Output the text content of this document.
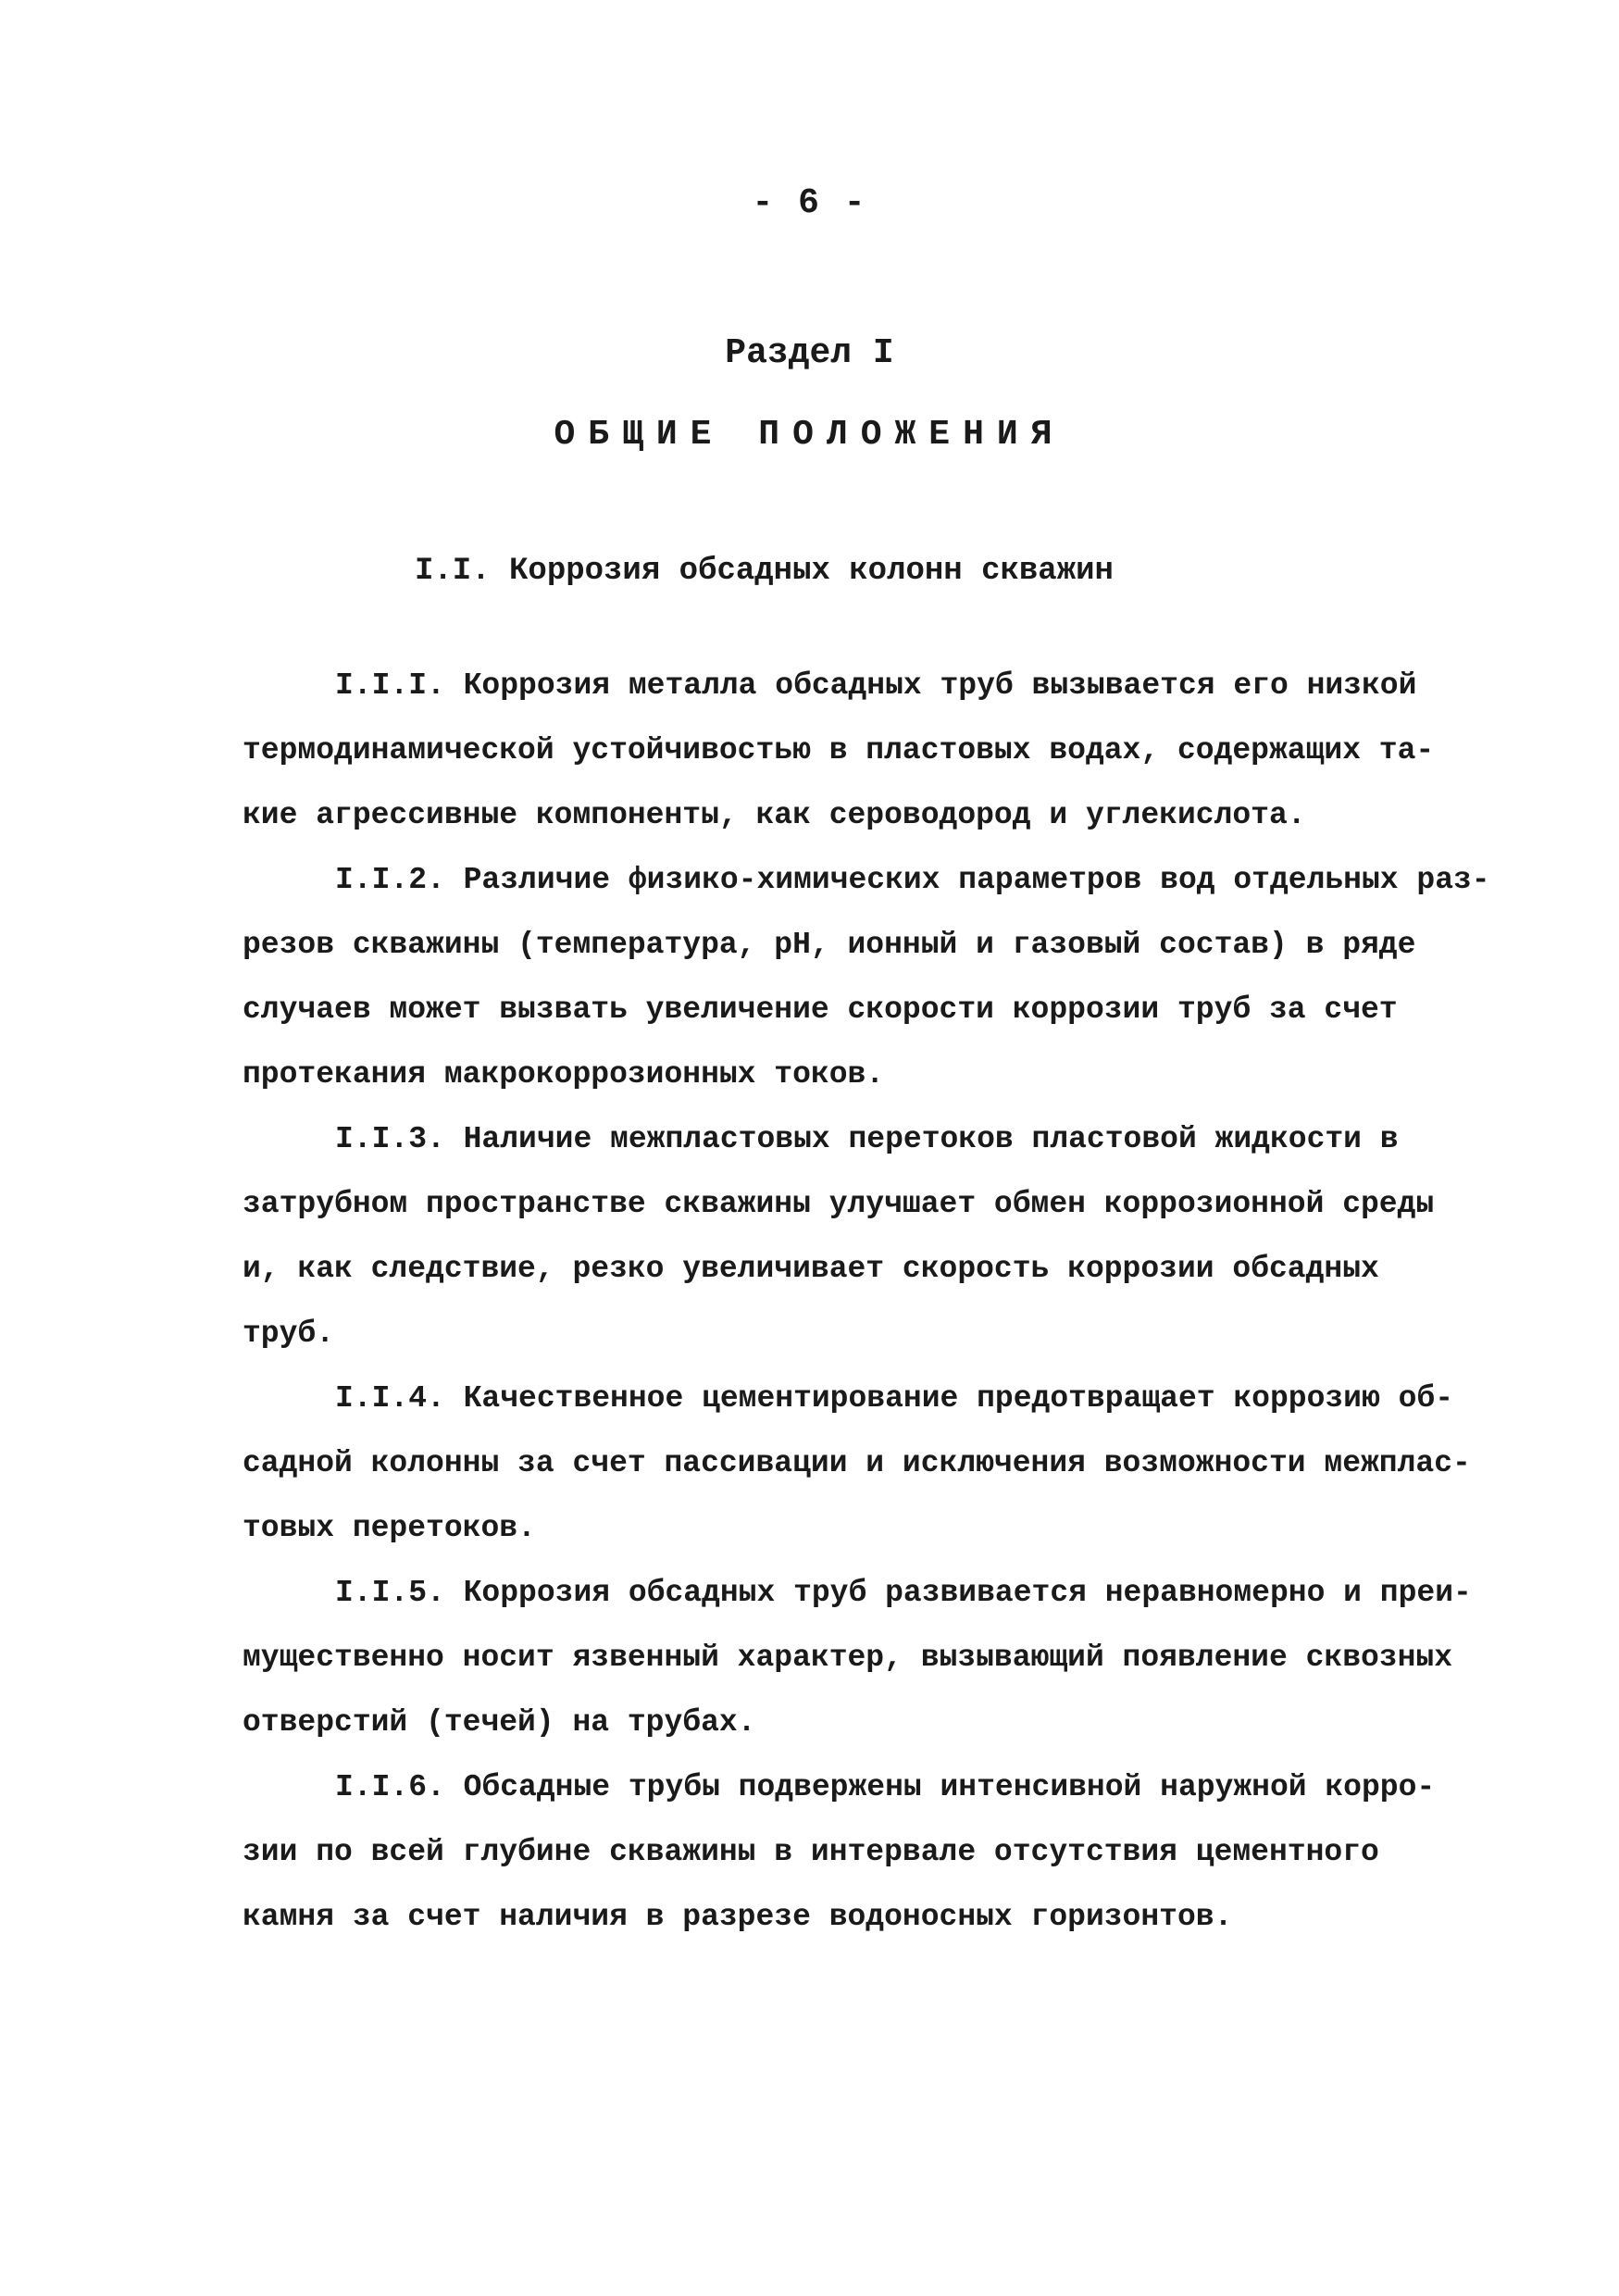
- 6 -
Раздел I
ОБЩИЕ ПОЛОЖЕНИЯ
I.I. Коррозия обсадных колонн скважин

I.I.I. Коррозия металла обсадных труб вызывается его низкой
термодинамической устойчивостью в пластовых водах, содержащих та-
кие агрессивные компоненты, как сероводород и углекислота.

I.I.2. Различие физико-химических параметров вод отдельных раз-
резов скважины (температура, pH, ионный и газовый состав) в ряде
случаев может вызвать увеличение скорости коррозии труб за счет
протекания макрокоррозионных токов.

I.I.3. Наличие межпластовых перетоков пластовой жидкости в
затрубном пространстве скважины улучшает обмен коррозионной среды
и, как следствие, резко увеличивает скорость коррозии обсадных
труб.

I.I.4. Качественное цементирование предотвращает коррозию об-
садной колонны за счет пассивации и исключения возможности межплас-
товых перетоков.

I.I.5. Коррозия обсадных труб развивается неравномерно и преи-
мущественно носит язвенный характер, вызывающий появление сквозных
отверстий (течей) на трубах.

I.I.6. Обсадные трубы подвержены интенсивной наружной корро-
зии по всей глубине скважины в интервале отсутствия цементного
камня за счет наличия в разрезе водоносных горизонтов.
